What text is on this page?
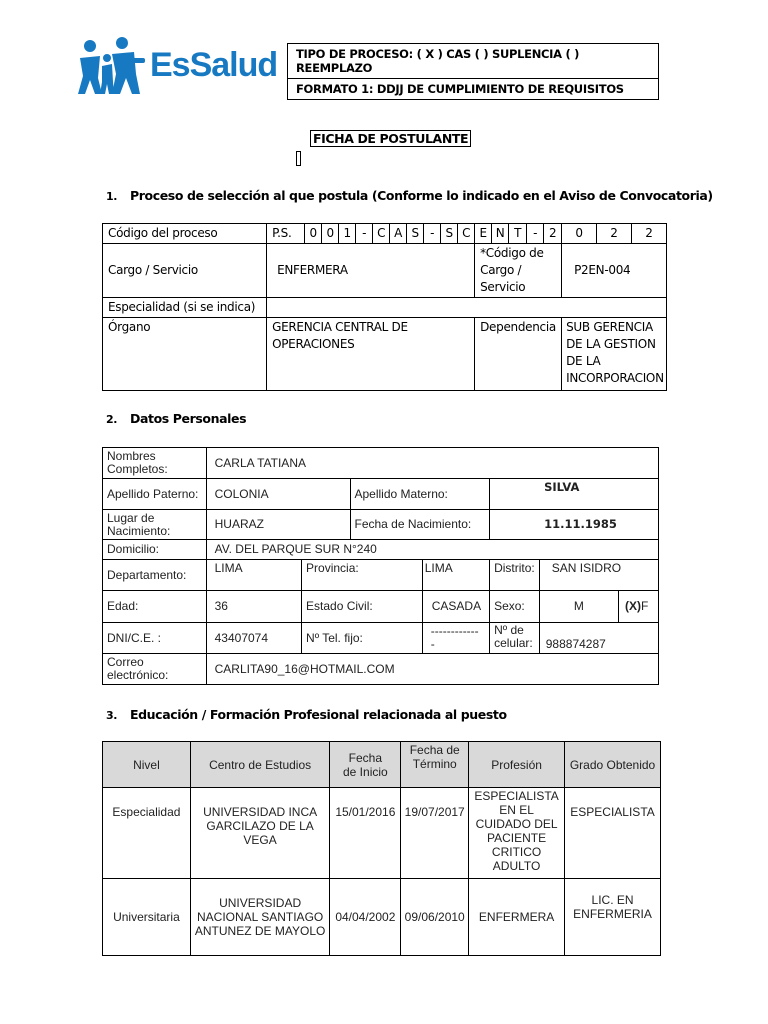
EsSalud TIPO DE PROCESO: ( X ) CAS ( ) SUPLENCIA ( ) REEMPLAZO
FORMATO 1: DDJJ DE CUMPLIMIENTO DE REQUISITOS
FICHA DE POSTULANTE
1. Proceso de selección al que postula (Conforme lo indicado en el Aviso de Convocatoria)
Código del proceso	P.S.	0	0	1	-	C	A	S	-	S	C	E	N	T	-	2	0	2	2
Cargo / Servicio	ENFERMERA											*Código de Cargo / Servicio					P2EN-004		
Especialidad (si se indica)																			
Órgano	GERENCIA CENTRAL DE OPERACIONES											Dependencia					SUB GERENCIA DE LA GESTION DE LA INCORPORACION		
2. Datos Personales
Nombres Completos:	CARLA TATIANA						
Apellido Paterno:	COLONIA		Apellido Materno:		SILVA		
Lugar de Nacimiento:	HUARAZ		Fecha de Nacimiento:		11.11.1985		
Domicilio:	AV. DEL PARQUE SUR N°240						
Departamento:	LIMA	Provincia:		LIMA	Distrito:	SAN ISIDRO	
Edad:	36	Estado Civil:		CASADA	Sexo:	M	(X)F
DNI/C.E. :	43407074	Nº Tel. fijo:		-------------	Nº de celular:	988874287	
Correo electrónico:	CARLITA90_16@HOTMAIL.COM						
3. Educación / Formación Profesional relacionada al puesto
Nivel	Centro de Estudios	Fecha de Inicio	Fecha de Término	Profesión	Grado Obtenido
Especialidad	UNIVERSIDAD INCA GARCILAZO DE LA VEGA	15/01/2016	19/07/2017	ESPECIALISTA EN EL CUIDADO DEL PACIENTE CRITICO ADULTO	ESPECIALISTA
Universitaria	UNIVERSIDAD NACIONAL SANTIAGO ANTUNEZ DE MAYOLO	04/04/2002	09/06/2010	ENFERMERA	LIC. EN ENFERMERIA
